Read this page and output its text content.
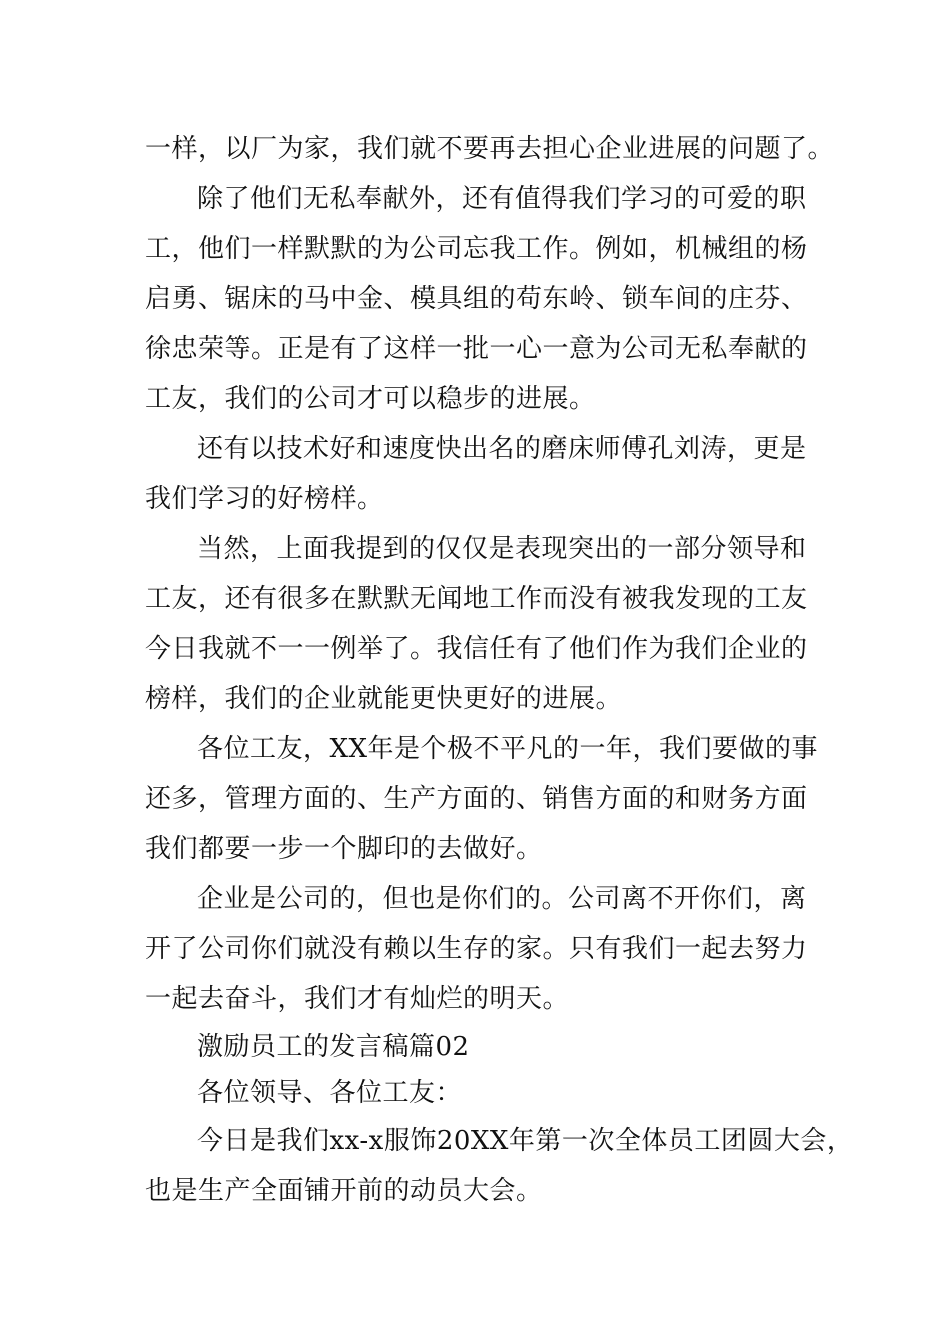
一样，以厂为家，我们就不要再去担心企业进展的问题了。
除了他们无私奉献外，还有值得我们学习的可爱的职
工，他们一样默默的为公司忘我工作。例如，机械组的杨
启勇、锯床的马中金、模具组的苟东岭、锁车间的庄芬、
徐忠荣等。正是有了这样一批一心一意为公司无私奉献的
工友，我们的公司才可以稳步的进展。
还有以技术好和速度快出名的磨床师傅孔刘涛，更是
我们学习的好榜样。
当然，上面我提到的仅仅是表现突出的一部分领导和
工友，还有很多在默默无闻地工作而没有被我发现的工友
今日我就不一一例举了。我信任有了他们作为我们企业的
榜样，我们的企业就能更快更好的进展。
各位工友，XX年是个极不平凡的一年，我们要做的事
还多，管理方面的、生产方面的、销售方面的和财务方面
我们都要一步一个脚印的去做好。
企业是公司的，但也是你们的。公司离不开你们，离
开了公司你们就没有赖以生存的家。只有我们一起去努力
一起去奋斗，我们才有灿烂的明天。
激励员工的发言稿篇02
各位领导、各位工友：
今日是我们xx-x服饰20XX年第一次全体员工团圆大会，
也是生产全面铺开前的动员大会。
